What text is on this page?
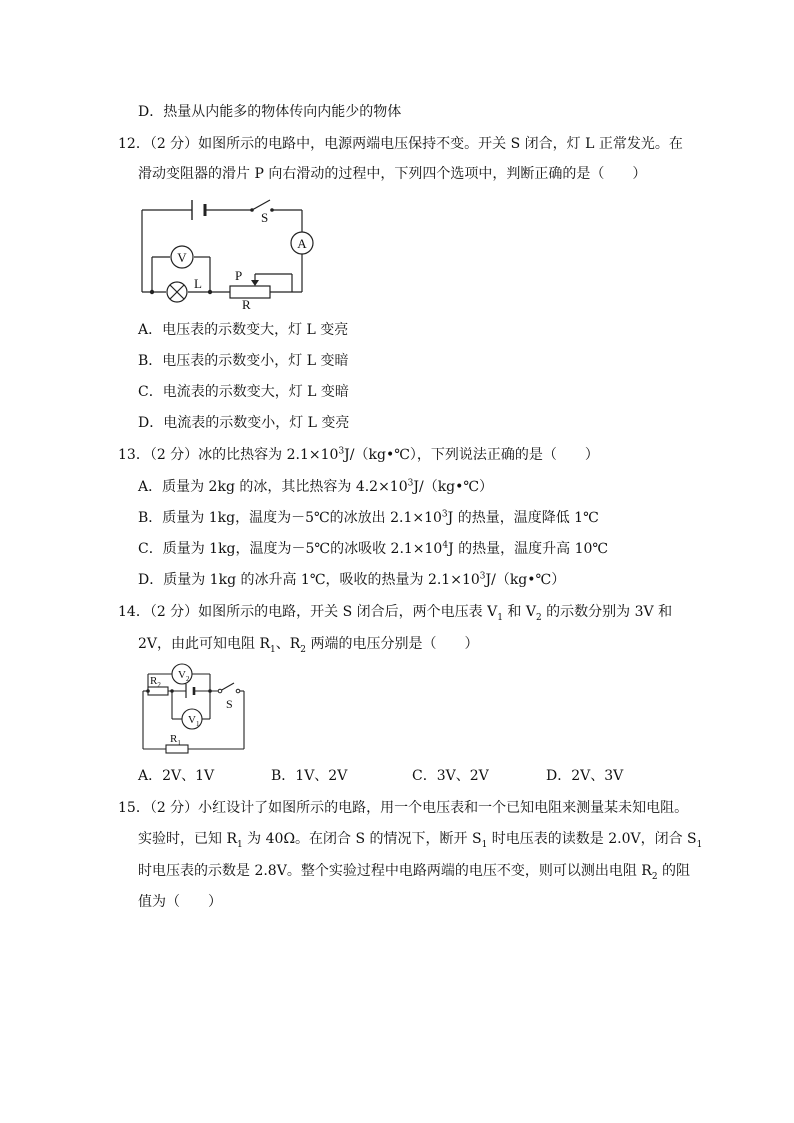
D．热量从内能多的物体传向内能少的物体
12．（2 分）如图所示的电路中，电源两端电压保持不变。开关 S 闭合，灯 L 正常发光。在
滑动变阻器的滑片 P 向右滑动的过程中，下列四个选项中，判断正确的是（　　）
A
V
L
P
R
S
A．电压表的示数变大，灯 L 变亮
B．电压表的示数变小，灯 L 变暗
C．电流表的示数变大，灯 L 变暗
D．电流表的示数变小，灯 L 变亮
13．（2 分）冰的比热容为 $2.1\times 10^3J/(kg•℃)$，下列说法正确的是（　　）
A．质量为 2kg 的冰，其比热容为 $4.2\times 10^3J/(kg•℃)$
B．质量为 1kg，温度为－5℃的冰放出 $2.1\times 10^3J$ 的热量，温度降低 1℃
C．质量为 1kg，温度为－5℃的冰吸收 $2.1\times 10^4J$ 的热量，温度升高 10℃
D．质量为 1kg 的冰升高 1℃，吸收的热量为 $2.1\times 10^3J/(kg•℃)$
14．（2 分）如图所示的电路，开关 S 闭合后，两个电压表 $V_1$ 和 $V_2$ 的示数分别为 3V 和
2V，由此可知电阻 $R_1$、$R_2$ 两端的电压分别是（　　）
$V_2$
$V_1$
$R_2$
$R_1$
S
A．2V、1V	B．1V、2V	C．3V、2V	D．2V、3V
15．（2 分）小红设计了如图所示的电路，用一个电压表和一个已知电阻来测量某未知电阻。
实验时，已知 $R_1$ 为 40Ω。在闭合 S 的情况下，断开 $S_1$ 时电压表的读数是 2.0V，闭合 $S_1$
时电压表的示数是 2.8V。整个实验过程中电路两端的电压不变，则可以测出电阻 $R_2$ 的阻
值为（　　）
